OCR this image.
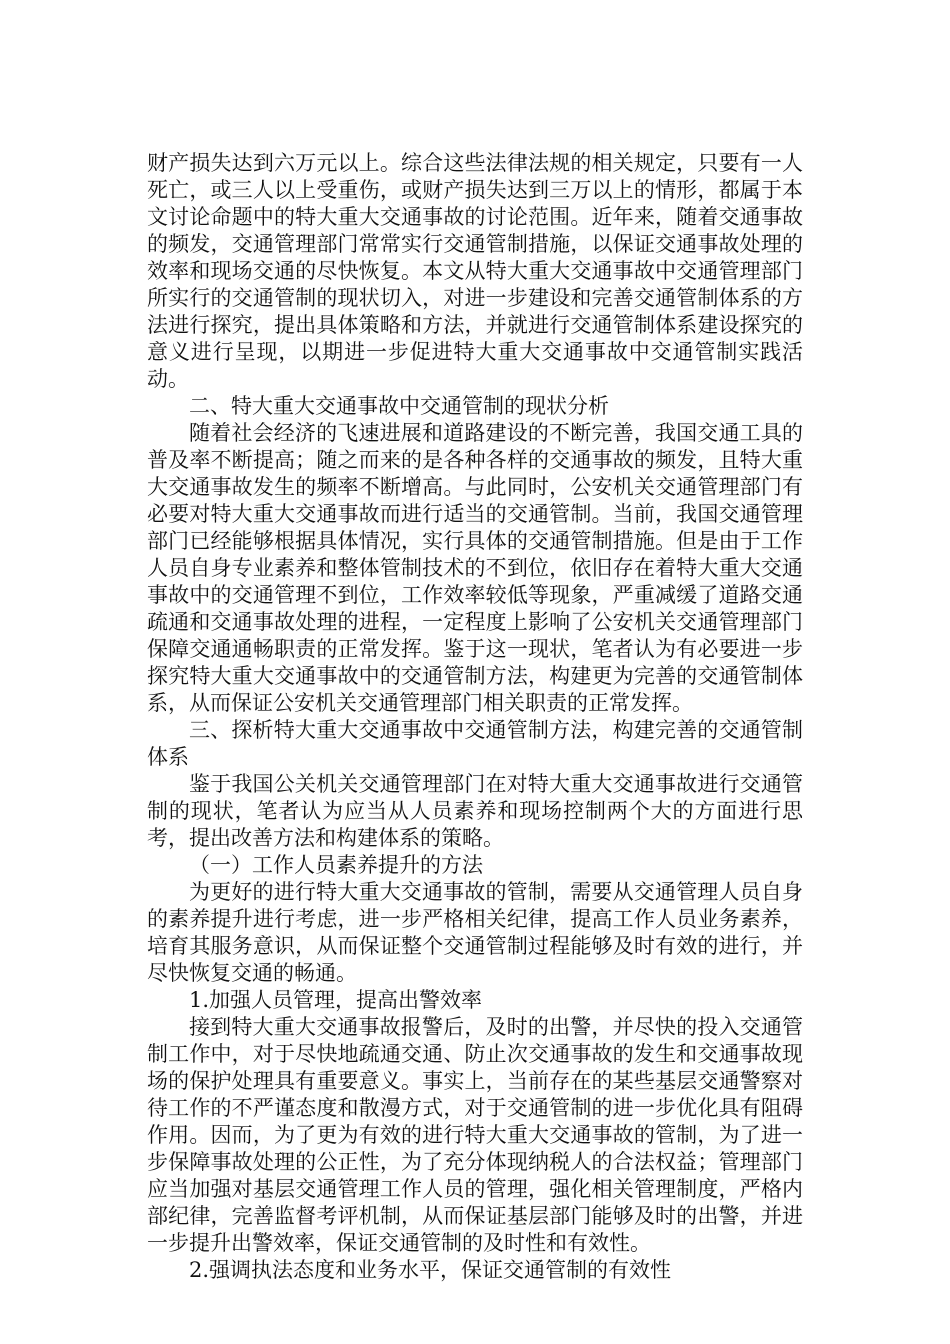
财产损失达到六万元以上。综合这些法律法规的相关规定，只要有一人死亡，或三人以上受重伤，或财产损失达到三万以上的情形，都属于本文讨论命题中的特大重大交通事故的讨论范围。近年来，随着交通事故的频发，交通管理部门常常实行交通管制措施，以保证交通事故处理的效率和现场交通的尽快恢复。本文从特大重大交通事故中交通管理部门所实行的交通管制的现状切入，对进一步建设和完善交通管制体系的方法进行探究，提出具体策略和方法，并就进行交通管制体系建设探究的意义进行呈现，以期进一步促进特大重大交通事故中交通管制实践活动。

二、特大重大交通事故中交通管制的现状分析

随着社会经济的飞速进展和道路建设的不断完善，我国交通工具的普及率不断提高；随之而来的是各种各样的交通事故的频发，且特大重大交通事故发生的频率不断增高。与此同时，公安机关交通管理部门有必要对特大重大交通事故而进行适当的交通管制。当前，我国交通管理部门已经能够根据具体情况，实行具体的交通管制措施。但是由于工作人员自身专业素养和整体管制技术的不到位，依旧存在着特大重大交通事故中的交通管理不到位，工作效率较低等现象，严重减缓了道路交通疏通和交通事故处理的进程，一定程度上影响了公安机关交通管理部门保障交通通畅职责的正常发挥。鉴于这一现状，笔者认为有必要进一步探究特大重大交通事故中的交通管制方法，构建更为完善的交通管制体系，从而保证公安机关交通管理部门相关职责的正常发挥。

三、探析特大重大交通事故中交通管制方法，构建完善的交通管制体系

鉴于我国公关机关交通管理部门在对特大重大交通事故进行交通管制的现状，笔者认为应当从人员素养和现场控制两个大的方面进行思考，提出改善方法和构建体系的策略。

（一）工作人员素养提升的方法

为更好的进行特大重大交通事故的管制，需要从交通管理人员自身的素养提升进行考虑，进一步严格相关纪律，提高工作人员业务素养，培育其服务意识，从而保证整个交通管制过程能够及时有效的进行，并尽快恢复交通的畅通。

1.加强人员管理，提高出警效率

接到特大重大交通事故报警后，及时的出警，并尽快的投入交通管制工作中，对于尽快地疏通交通、防止次交通事故的发生和交通事故现场的保护处理具有重要意义。事实上，当前存在的某些基层交通警察对待工作的不严谨态度和散漫方式，对于交通管制的进一步优化具有阻碍作用。因而，为了更为有效的进行特大重大交通事故的管制，为了进一步保障事故处理的公正性，为了充分体现纳税人的合法权益；管理部门应当加强对基层交通管理工作人员的管理，强化相关管理制度，严格内部纪律，完善监督考评机制，从而保证基层部门能够及时的出警，并进一步提升出警效率，保证交通管制的及时性和有效性。

2.强调执法态度和业务水平，保证交通管制的有效性
